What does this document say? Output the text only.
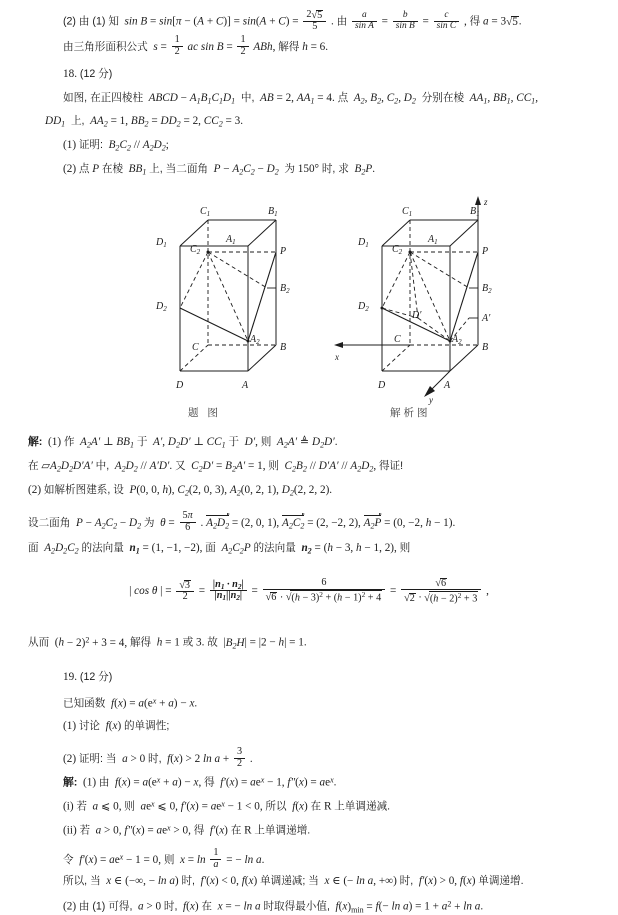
(2) 由 (1) 知  $\sin B = \sin[\pi - (A + C)] = \sin(A + C) = \frac{2√5}{5}$ . 由 $\frac{a}{\text{sin A}} = \frac{b}{\text{sin B}} = \frac{c}{\text{sin C}}$ , 得 a = 3√5.
由三角形面积公式  $s = \frac{1}{2}$ ac $\sin B = \frac{1}{2}$ ABh, 解得 h = 6.
18. (12 分)
如图, 在正四棱柱  ABCD − $A_1B_1C_1D_1$  中,  AB = 2, $AA_1 = 4$. 点  $A_2$, $B_2$, $C_2$, $D_2$  分别在棱  $AA_1$, $BB_1$, $CC_1$,
$DD_1$  上,  $AA_2 = 1$, $BB_2 = DD_2 = 2$, $CC_2 = 3$.
(1) 证明:  $B_2C_2 // A_2D_2$;
(2) 点 P 在棱  $BB_1$ 上, 当二面角  $P - A_2C_2 - D_2$ 为 150° 时, 求  $B_2P$.
$C_1$	$B_1$
$D_1$	$A_1$
$C_2$	P
$B_2$
$D_2$
$A_2$
C	B
D	A
题 图
$C_1$	$B_1$
$D_1$	$A_1$
$C_2$	P
$B_2$
A′
$D_2$
D′
$A_2$
C
B
D	A
z
x
y
解析图
解:  (1) 作  $A_2A'$ ⊥ $BB_1$ 于  A′, $D_2D'$ ⊥ $CC_1$ 于  D′, 则  $A_2A'$ ≜ $D_2D'$.
在 $▱A_2D_2D'A'$ 中,  $A_2D_2 // A'D'$. 又  $C_2D' = B_2A' = 1$, 则  $C_2B_2 // D'A' // A_2D_2$, 得证!
(2) 如解析图建系, 设  P(0, 0, h), $C_2(2$, 0, 3), $A_2(0$, 2, 1), $D_2(2$, 2, 2).
设二面角  $P - A_2C_2 - D_2$ 为  $\theta = \frac{5\pi}{6}$ . $A_2D_2 = (2$, 0, 1), $A_2C_2 = (2$, −2, 2), $A_2P = (0$, −2, h − 1).
面  $A_2D_2C_2$ 的法向量  $n_1 = (1$, −1, −2), 面  $A_2C_2P$ 的法向量  $n_2 = (h - 3$, h − 1, 2), 则
| cos θ | = $\frac{√3}{2} = \frac{|n_1 \cdot n_2|}{|n_1||n_2|} = \frac{6}{√6 \cdot √(h - 3)^2 + (h - 1)^2 + 4} = \frac{√6}{√2 \cdot √(h - 2)^2 + 3}$ ,
从而  $(h - 2)^2 + 3 = 4$, 解得  h = 1 或 3. 故  $|B_2H| = |2 - h| = 1$.
19. (12 分)
已知函数  $f(x) = a(e^x + a) - x$.
(1) 讨论  f(x) 的单调性;
(2) 证明: 当  a > 0 时,  f(x) > 2 $\ln a + \frac{3}{2}$ .
解:  (1) 由  $f(x) = a(e^x + a) - x$, 得  $f'(x) = ae^x - 1$, $f''(x) = ae^x$.
(i) 若  a ⩽ 0, 则  $ae^x$ ⩽ 0, $f'(x) = ae^x - 1 < 0$, 所以  f(x) 在 R 上单调递减.
(ii) 若  a > 0, $f''(x) = ae^x > 0$, 得  f′(x) 在 R 上单调递增.
令  $f'(x) = ae^x - 1 = 0$, 则  $x = \ln \frac{1}{a}$ = − ln a.
所以, 当  x ∈ (−∞, − ln a) 时,  f′(x) < 0, f(x) 单调递减; 当  x ∈ (− ln a, +∞) 时,  f′(x) > 0, f(x) 单调递增.
(2) 由 (1) 可得,  a > 0 时,  f(x) 在  x = − ln a 时取得最小值,  $f(x)_{min} = f(- \ln a) = 1 + a^2 + \ln a$.
